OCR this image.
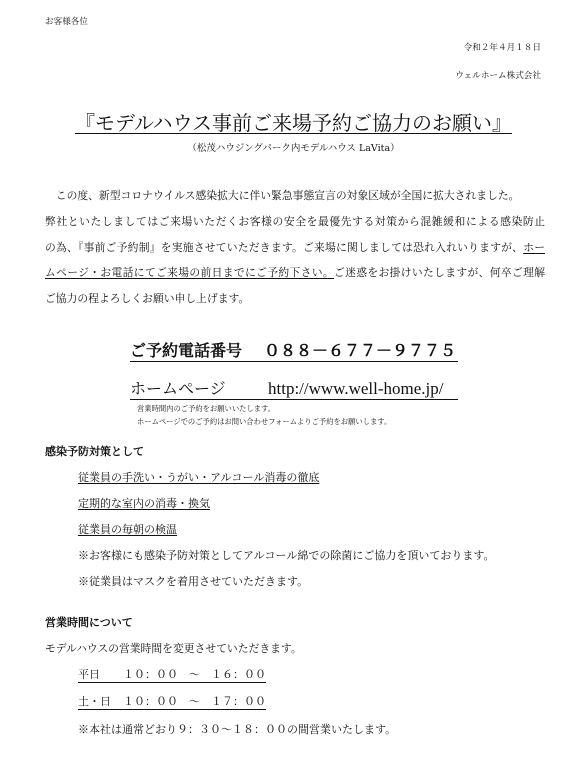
お客様各位
令和２年４月１８日
ウェルホーム株式会社
『モデルハウス事前ご来場予約ご協力のお願い』
（松茂ハウジングパーク内モデルハウス LaVita）
　この度、新型コロナウイルス感染拡大に伴い緊急事態宣言の対象区域が全国に拡大されました。
弊社といたしましてはご来場いただくお客様の安全を最優先する対策から混雑緩和による感染防止
の為、『事前ご予約制』を実施させていただきます。ご来場に関しましては恐れ入れいりますが、ホー
ムページ・お電話にてご来場の前日までにご予約下さい。ご迷惑をお掛けいたしますが、何卒ご理解
ご協力の程よろしくお願い申し上げます。
ご予約電話番号 ０８８－６７７－９７７５
ホームページ http://www.well-home.jp/
営業時間内のご予約をお願いいたします。
ホームページでのご予約はお問い合わせフォームよりご予約をお願いします。
感染予防対策として
従業員の手洗い・うがい・アルコール消毒の徹底
定期的な室内の消毒・換気
従業員の毎朝の検温
※お客様にも感染予防対策としてアルコール綿での除菌にご協力を頂いております。
※従業員はマスクを着用させていただきます。
営業時間について
モデルハウスの営業時間を変更させていただきます。
平日 １０：００　～　１６：００
土・日 １０：００　～　１７：００
※本社は通常どおり９：３０～１８：００の間営業いたします。
